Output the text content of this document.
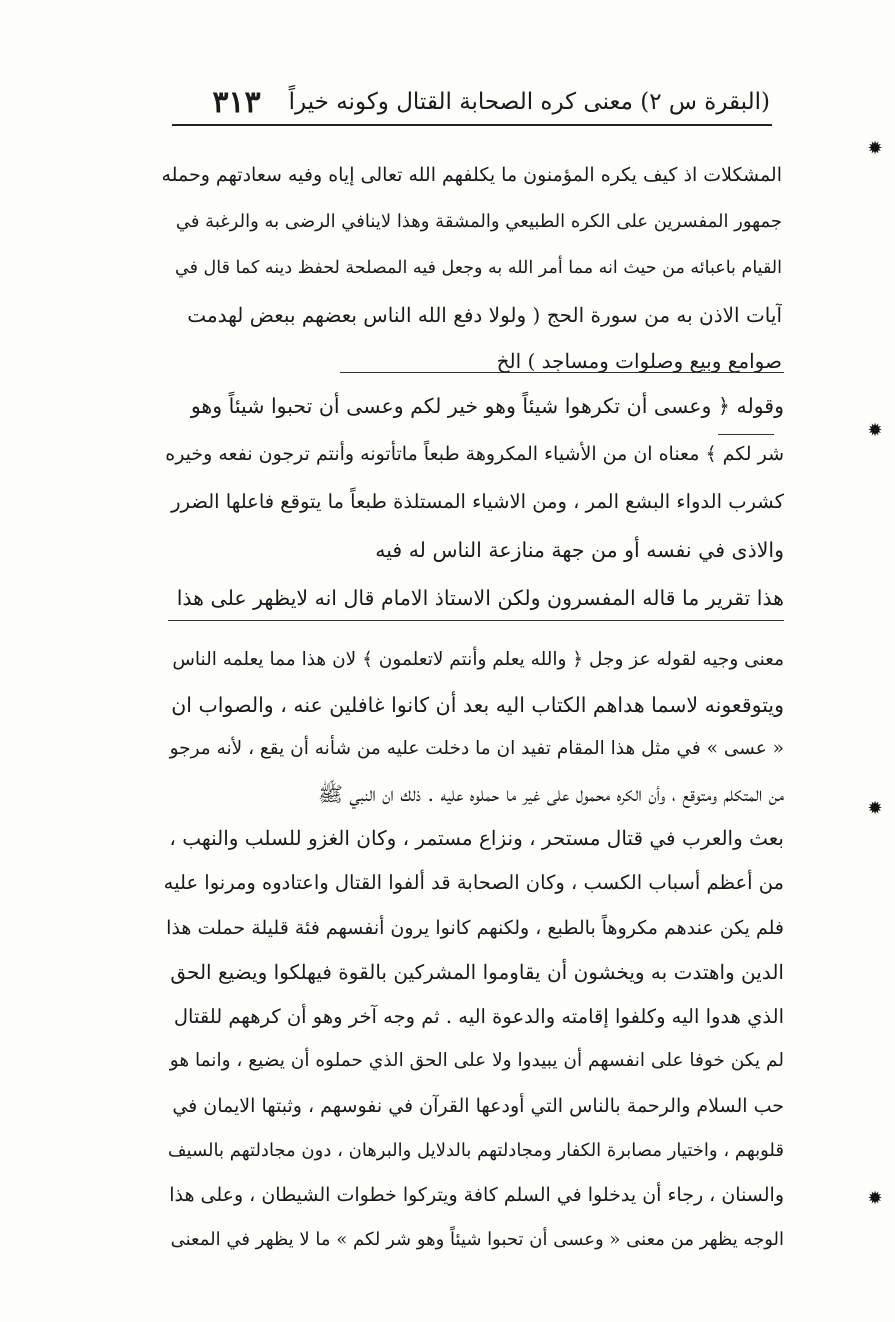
(البقرة س ٢) معنى كره الصحابة القتال وكونه خيراً
٣١٣
المشكلات اذ كيف يكره المؤمنون ما يكلفهم الله تعالى إياه وفيه سعادتهم وحمله
جمهور المفسرين على الكره الطبيعي والمشقة وهذا لاينافي الرضى به والرغبة في
القيام باعبائه من حيث انه مما أمر الله به وجعل فيه المصلحة لحفظ دينه كما قال في
آيات الاذن به من سورة الحج ( ولولا دفع الله الناس بعضهم ببعض لهدمت
صوامع وبيع وصلوات ومساجد ) الخ
وقوله ﴿ وعسى أن تكرهوا شيئاً وهو خير لكم وعسى أن تحبوا شيئاً وهو
شر لكم ﴾ معناه ان من الأشياء المكروهة طبعاً ماتأتونه وأنتم ترجون نفعه وخيره
كشرب الدواء البشع المر ، ومن الاشياء المستلذة طبعاً ما يتوقع فاعلها الضرر
والاذى في نفسه أو من جهة منازعة الناس له فيه
هذا تقرير ما قاله المفسرون ولكن الاستاذ الامام قال انه لايظهر على هذا
معنى وجيه لقوله عز وجل ﴿ والله يعلم وأنتم لاتعلمون ﴾ لان هذا مما يعلمه الناس
ويتوقعونه لاسما هداهم الكتاب اليه بعد أن كانوا غافلين عنه ، والصواب ان
« عسى » في مثل هذا المقام تفيد ان ما دخلت عليه من شأنه أن يقع ، لأنه مرجو
من المتكلم ومتوقع ، وأن الكره محمول على غير ما حملوه عليه . ذلك ان النبي ﷺ
بعث والعرب في قتال مستحر ، ونزاع مستمر ، وكان الغزو للسلب والنهب ،
من أعظم أسباب الكسب ، وكان الصحابة قد ألفوا القتال واعتادوه ومرنوا عليه
فلم يكن عندهم مكروهاً بالطبع ، ولكنهم كانوا يرون أنفسهم فئة قليلة حملت هذا
الدين واهتدت به ويخشون أن يقاوموا المشركين بالقوة فيهلكوا ويضيع الحق
الذي هدوا اليه وكلفوا إقامته والدعوة اليه . ثم وجه آخر وهو أن كرههم للقتال
لم يكن خوفا على انفسهم أن يبيدوا ولا على الحق الذي حملوه أن يضيع ، وانما هو
حب السلام والرحمة بالناس التي أودعها القرآن في نفوسهم ، وثبتها الايمان في
قلوبهم ، واختيار مصابرة الكفار ومجادلتهم بالدلايل والبرهان ، دون مجادلتهم بالسيف
والسنان ، رجاء أن يدخلوا في السلم كافة ويتركوا خطوات الشيطان ، وعلى هذا
الوجه يظهر من معنى « وعسى أن تحبوا شيئاً وهو شر لكم » ما لا يظهر في المعنى
✹
✹
✹
✹
